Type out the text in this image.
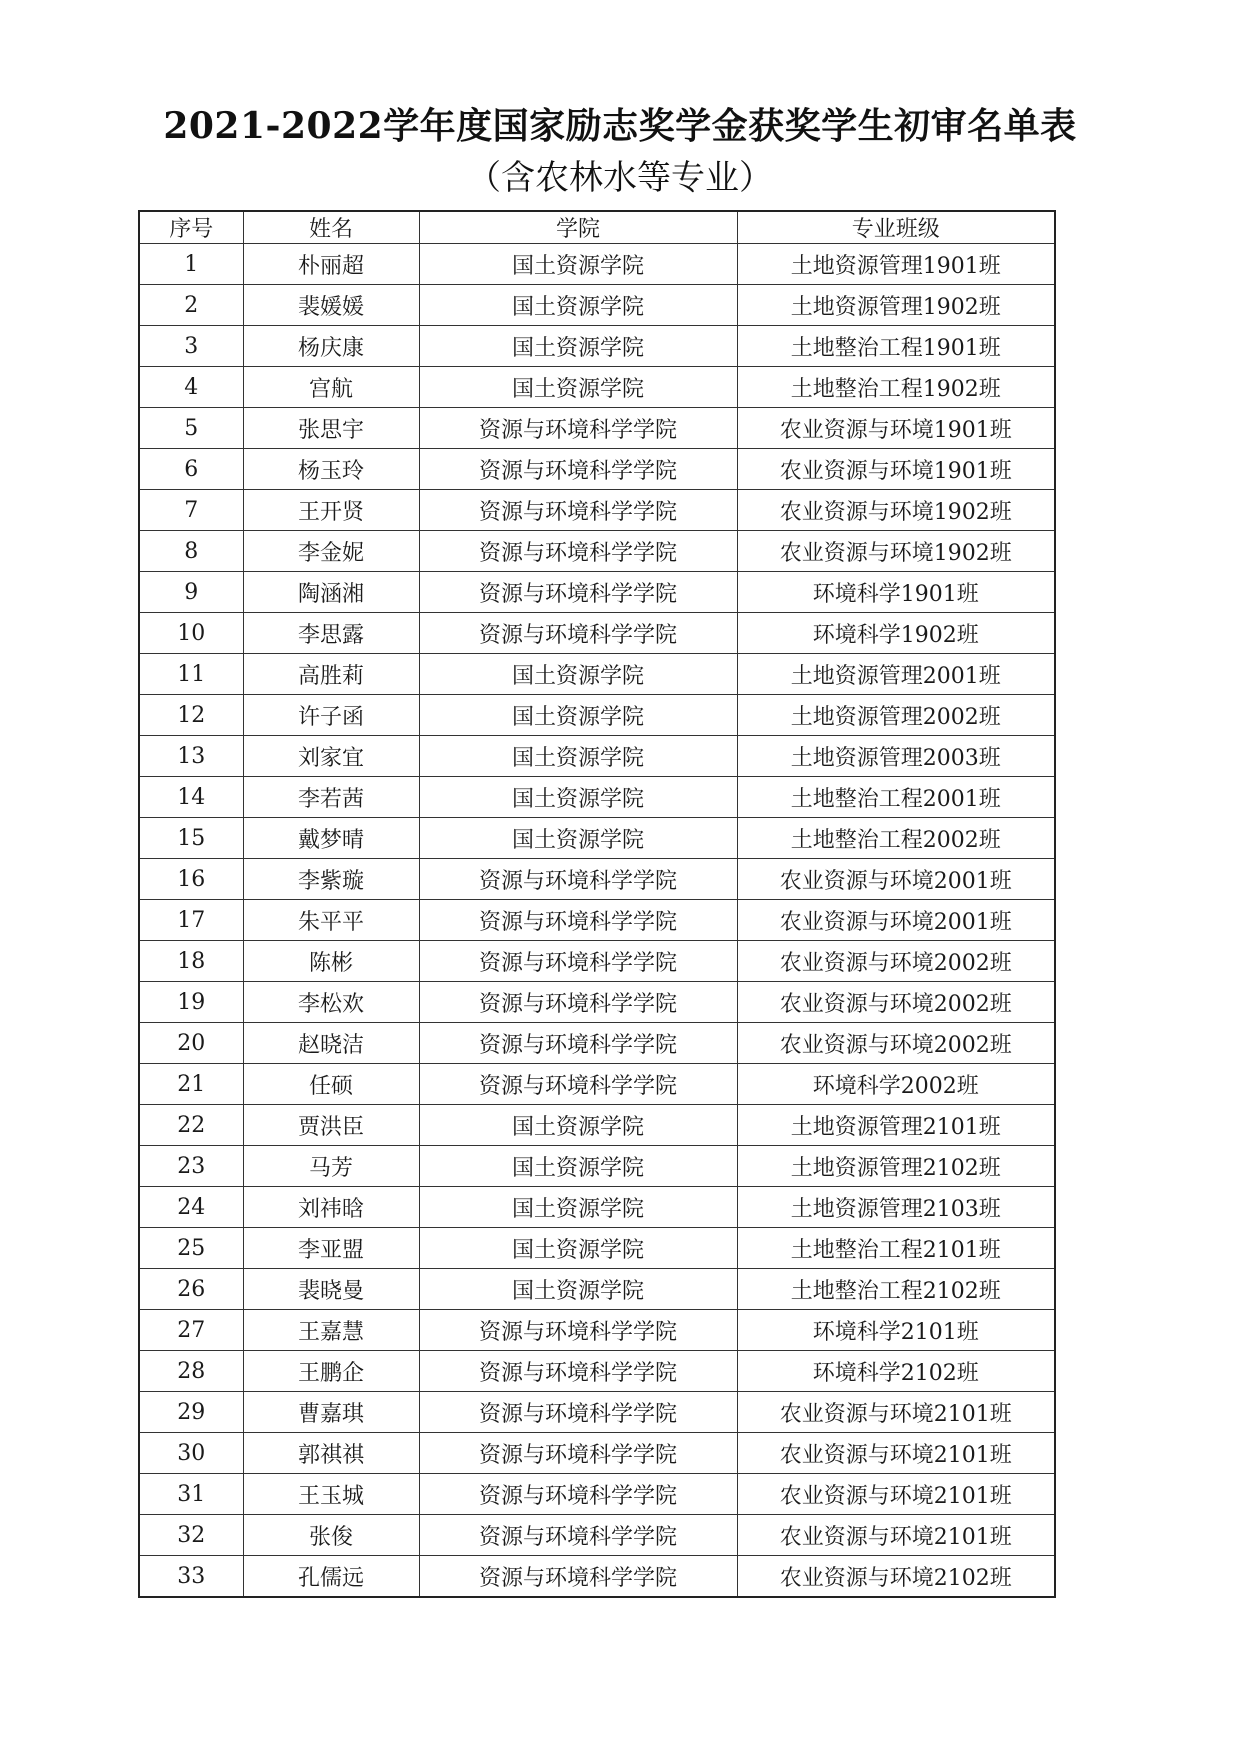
2021-2022学年度国家励志奖学金获奖学生初审名单表
（含农林水等专业）
序号	姓名	学院	专业班级
1	朴丽超	国土资源学院	土地资源管理1901班
2	裴媛媛	国土资源学院	土地资源管理1902班
3	杨庆康	国土资源学院	土地整治工程1901班
4	宫航	国土资源学院	土地整治工程1902班
5	张思宇	资源与环境科学学院	农业资源与环境1901班
6	杨玉玲	资源与环境科学学院	农业资源与环境1901班
7	王开贤	资源与环境科学学院	农业资源与环境1902班
8	李金妮	资源与环境科学学院	农业资源与环境1902班
9	陶涵湘	资源与环境科学学院	环境科学1901班
10	李思露	资源与环境科学学院	环境科学1902班
11	高胜莉	国土资源学院	土地资源管理2001班
12	许子函	国土资源学院	土地资源管理2002班
13	刘家宜	国土资源学院	土地资源管理2003班
14	李若茜	国土资源学院	土地整治工程2001班
15	戴梦晴	国土资源学院	土地整治工程2002班
16	李紫璇	资源与环境科学学院	农业资源与环境2001班
17	朱平平	资源与环境科学学院	农业资源与环境2001班
18	陈彬	资源与环境科学学院	农业资源与环境2002班
19	李松欢	资源与环境科学学院	农业资源与环境2002班
20	赵晓洁	资源与环境科学学院	农业资源与环境2002班
21	任硕	资源与环境科学学院	环境科学2002班
22	贾洪臣	国土资源学院	土地资源管理2101班
23	马芳	国土资源学院	土地资源管理2102班
24	刘祎晗	国土资源学院	土地资源管理2103班
25	李亚盟	国土资源学院	土地整治工程2101班
26	裴晓曼	国土资源学院	土地整治工程2102班
27	王嘉慧	资源与环境科学学院	环境科学2101班
28	王鹏企	资源与环境科学学院	环境科学2102班
29	曹嘉琪	资源与环境科学学院	农业资源与环境2101班
30	郭祺祺	资源与环境科学学院	农业资源与环境2101班
31	王玉城	资源与环境科学学院	农业资源与环境2101班
32	张俊	资源与环境科学学院	农业资源与环境2101班
33	孔儒远	资源与环境科学学院	农业资源与环境2102班
